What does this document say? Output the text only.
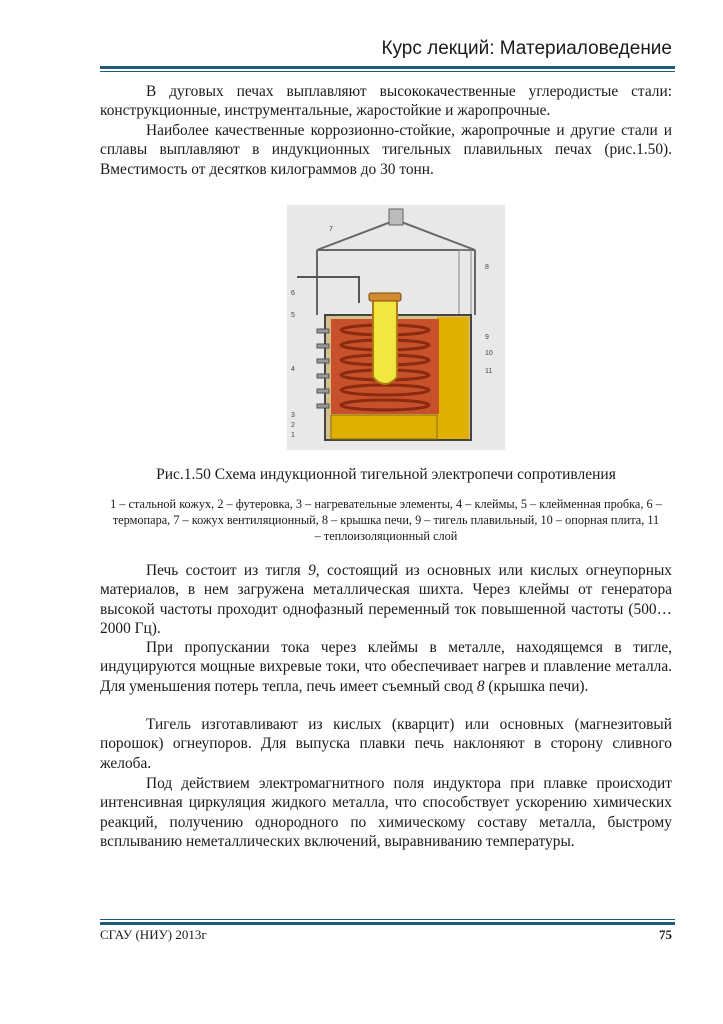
Курс лекций: Материаловедение

В дуговых печах выплавляют высококачественные углеродистые стали: конструкционные, инструментальные, жаростойкие и жаропрочные.

Наиболее качественные коррозионно-стойкие, жаропрочные и другие стали и сплавы выплавляют в индукционных тигельных плавильных печах (рис.1.50). Вместимость от десятков килограммов до 30 тонн.

1
2
3
4
5
6
7
8
9
10
11
Рис.1.50 Схема индукционной тигельной электропечи сопротивления
1 – стальной кожух, 2 – футеровка, 3 – нагревательные элементы, 4 – клеймы, 5 – клейменная пробка, 6 – термопара, 7 – кожух вентиляционный, 8 – крышка печи, 9 – тигель плавильный, 10 – опорная плита, 11 – теплоизоляционный слой

Печь состоит из тигля 9, состоящий из основных или кислых огнеупорных материалов, в нем загружена металлическая шихта. Через клеймы от генератора высокой частоты проходит однофазный переменный ток повышенной частоты (500…2000 Гц).

При пропускании тока через клеймы в металле, находящемся в тигле, индуцируются мощные вихревые токи, что обеспечивает нагрев и плавление металла. Для уменьшения потерь тепла, печь имеет съемный свод 8 (крышка печи).

Тигель изготавливают из кислых (кварцит) или основных (магнезитовый порошок) огнеупоров. Для выпуска плавки печь наклоняют в сторону сливного желоба.

Под действием электромагнитного поля индуктора при плавке происходит интенсивная циркуляция жидкого металла, что способствует ускорению химических реакций, получению однородного по химическому составу металла, быстрому всплыванию неметаллических включений, выравниванию температуры.

СГАУ (НИУ) 2013г	75
